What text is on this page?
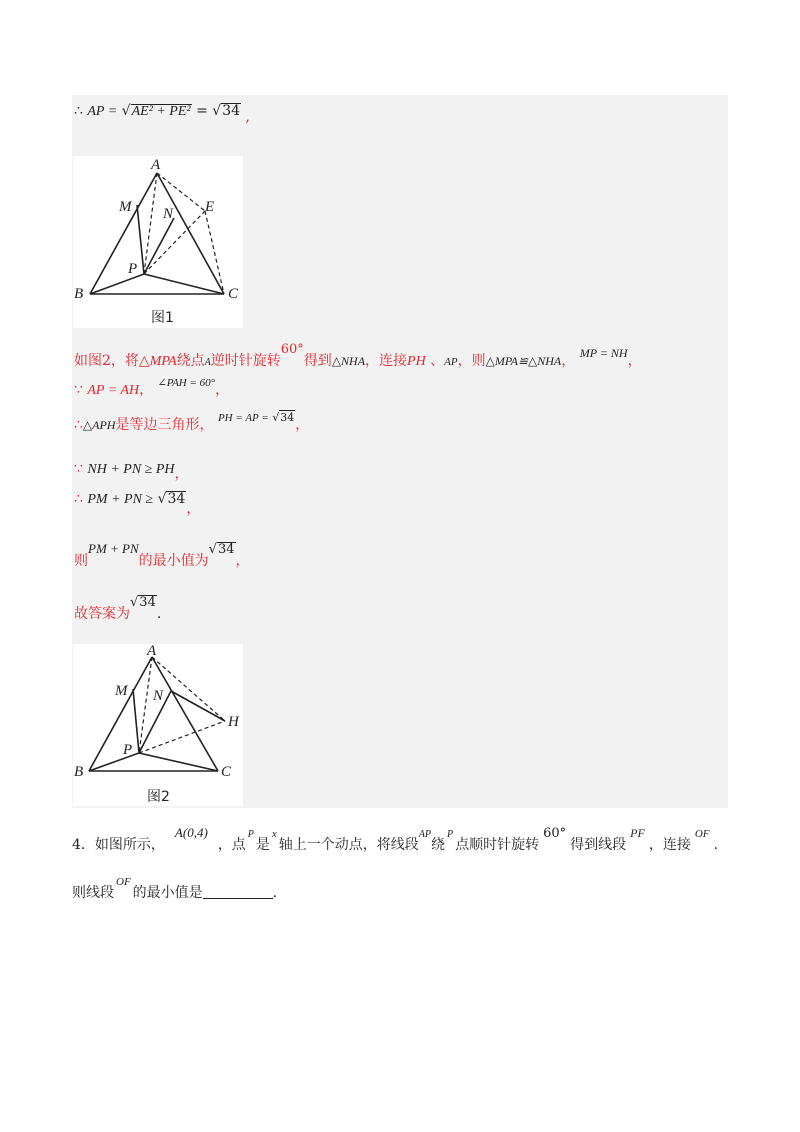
∴ AP = √AE² + PE² = √34 ,
A
M N E
P
B	C
图1
如图2，将△MPA绕点A逆时针旋转60°得到△NHA，连接PH 、AP，则△MPA≌△NHA， MP = NH，
∵ AP = AH， $^{\angle PAH = 60^\circ}$，
∴△APH是等边三角形， $^{PH = AP = √34}$，
∵ NH + PN ≥ PH，
∴ PM + PN ≥ √34，
则PM + PN的最小值为√34，
故答案为√34.
A
M N
H
P
B	C
图2
4．如图所示，A(0,4)，点$^P$是$^x$轴上一个动点，将线段$^{AP}$绕$^P$点顺时针旋转60°得到线段PF，连接$^{OF}$.
则线段$^{OF}$的最小值是	.
